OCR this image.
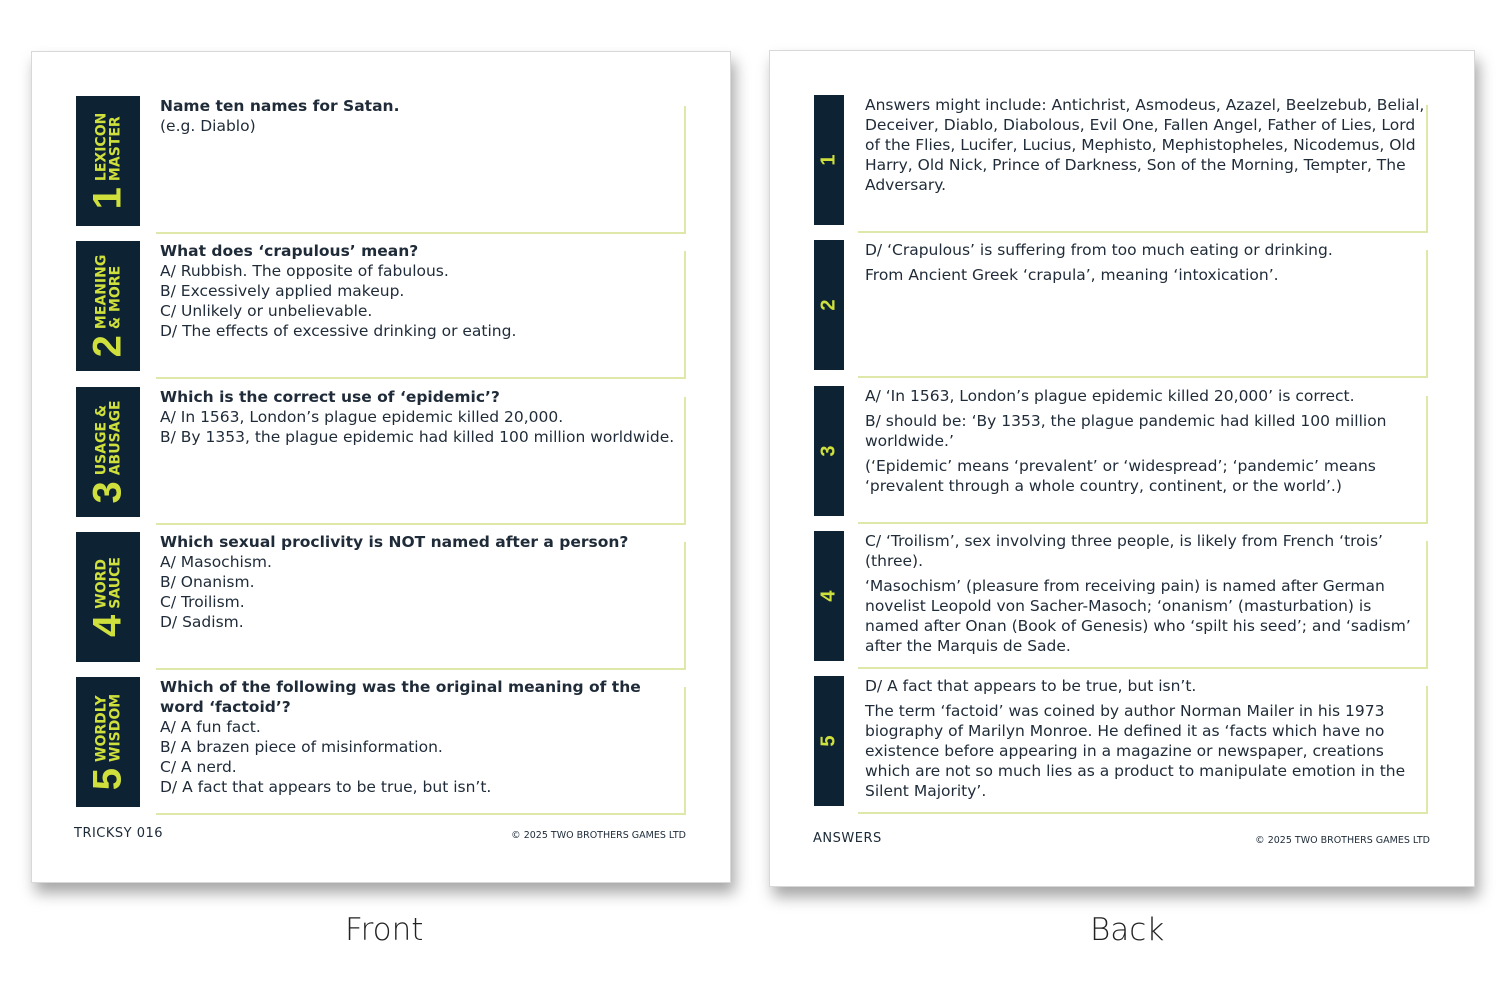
TRICKSY 016	© 2025 TWO BROTHERS GAMES LTD
1
LEXICON
MASTER
Name ten names for Satan.
(e.g. Diablo)
2
MEANING
& MORE
What does ‘crapulous’ mean?
A/ Rubbish. The opposite of fabulous.
B/ Excessively applied makeup.
C/ Unlikely or unbelievable.
D/ The effects of excessive drinking or eating.
3
USAGE &
ABUSAGE
Which is the correct use of ‘epidemic’?
A/ In 1563, London’s plague epidemic killed 20,000.
B/ By 1353, the plague epidemic had killed 100 million worldwide.
4
WORD
SAUCE
Which sexual proclivity is NOT named after a person?
A/ Masochism.
B/ Onanism.
C/ Troilism.
D/ Sadism.
5
WORDLY
WISDOM
Which of the following was the original meaning of the word ‘factoid’?
A/ A fun fact.
B/ A brazen piece of misinformation.
C/ A nerd.
D/ A fact that appears to be true, but isn’t.
ANSWERS	© 2025 TWO BROTHERS GAMES LTD
1

Answers might include: Antichrist, Asmodeus, Azazel, Beelzebub, Belial, Deceiver, Diablo, Diabolous, Evil One, Fallen Angel, Father of Lies, Lord of the Flies, Lucifer, Lucius, Mephisto, Mephistopheles, Nicodemus, Old Harry, Old Nick, Prince of Darkness, Son of the Morning, Tempter, The Adversary.

2

D/ ‘Crapulous’ is suffering from too much eating or drinking.

From Ancient Greek ‘crapula’, meaning ‘intoxication’.

3

A/ ‘In 1563, London’s plague epidemic killed 20,000’ is correct.

B/ should be: ‘By 1353, the plague pandemic had killed 100 million worldwide.’

(‘Epidemic’ means ‘prevalent’ or ‘widespread’; ‘pandemic’ means ‘prevalent through a whole country, continent, or the world’.)

4

C/ ‘Troilism’, sex involving three people, is likely from French ‘trois’ (three).

‘Masochism’ (pleasure from receiving pain) is named after German novelist Leopold von Sacher-Masoch; ‘onanism’ (masturbation) is named after Onan (Book of Genesis) who ‘spilt his seed’; and ‘sadism’ after the Marquis de Sade.

5

D/ A fact that appears to be true, but isn’t.

The term ‘factoid’ was coined by author Norman Mailer in his 1973 biography of Marilyn Monroe. He defined it as ‘facts which have no existence before appearing in a magazine or newspaper, creations which are not so much lies as a product to manipulate emotion in the Silent Majority’.

Front	Back
